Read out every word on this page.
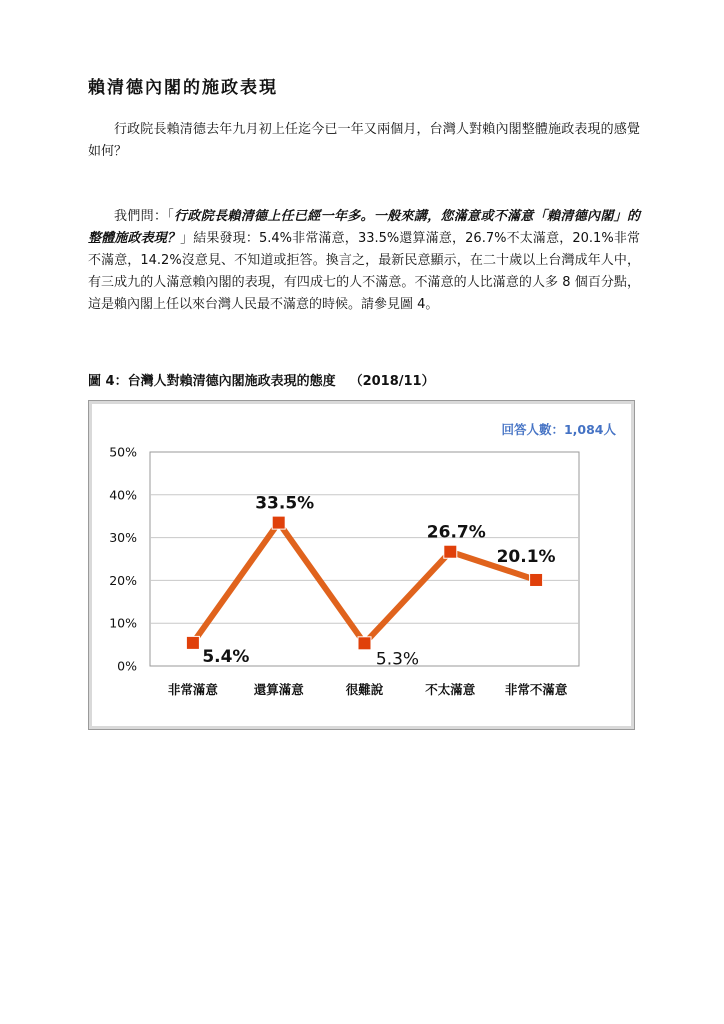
賴清德內閣的施政表現

行政院長賴清德去年九月初上任迄今已一年又兩個月，台灣人對賴內閣整體施政表現的感覺如何？

我們問：「行政院長賴清德上任已經一年多。一般來講，您滿意或不滿意「賴清德內閣」的整體施政表現？」結果發現：5.4%非常滿意，33.5%還算滿意，26.7%不太滿意，20.1%非常不滿意，14.2%沒意見、不知道或拒答。換言之，最新民意顯示，在二十歲以上台灣成年人中，有三成九的人滿意賴內閣的表現，有四成七的人不滿意。不滿意的人比滿意的人多 8 個百分點，這是賴內閣上任以來台灣人民最不滿意的時候。請參見圖 4。

圖 4：台灣人對賴清德內閣施政表現的態度 （2018/11）

回答人數：1,084人
0%
10%
20%
30%
40%
50%
非常滿意	還算滿意	很難說	不太滿意 非常不滿意
5.4%
33.5%
5.3%
26.7%
20.1%
